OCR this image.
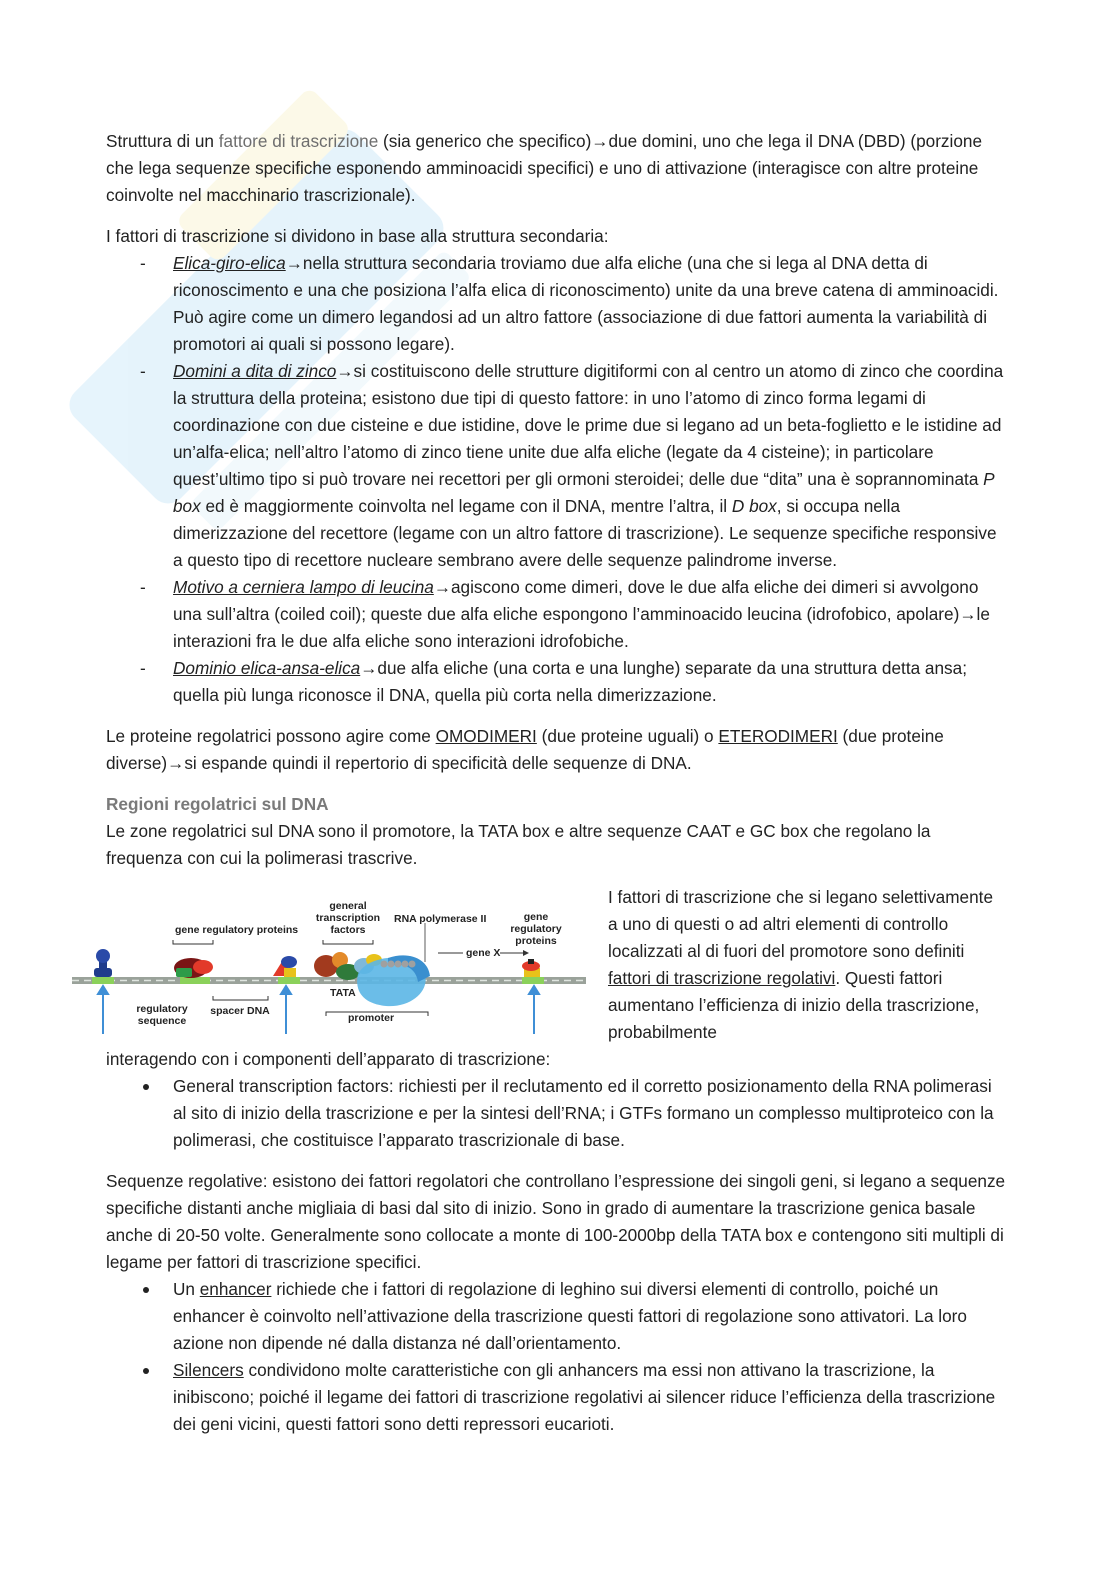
Struttura di un fattore di trascrizione (sia generico che specifico)→due domini, uno che lega il DNA (DBD) (porzione che lega sequenze specifiche esponendo amminoacidi specifici) e uno di attivazione (interagisce con altre proteine coinvolte nel macchinario trascrizionale).

I fattori di trascrizione si dividono in base alla struttura secondaria:

- Elica-giro-elica→nella struttura secondaria troviamo due alfa eliche (una che si lega al DNA detta di riconoscimento e una che posiziona l’alfa elica di riconoscimento) unite da una breve catena di amminoacidi. Può agire come un dimero legandosi ad un altro fattore (associazione di due fattori aumenta la variabilità di promotori ai quali si possono legare).
- Domini a dita di zinco→si costituiscono delle strutture digitiformi con al centro un atomo di zinco che coordina la struttura della proteina; esistono due tipi di questo fattore: in uno l’atomo di zinco forma legami di coordinazione con due cisteine e due istidine, dove le prime due si legano ad un beta-foglietto e le istidine ad un’alfa-elica; nell’altro l’atomo di zinco tiene unite due alfa eliche (legate da 4 cisteine); in particolare quest’ultimo tipo si può trovare nei recettori per gli ormoni steroidei; delle due “dita” una è soprannominata P box ed è maggiormente coinvolta nel legame con il DNA, mentre l’altra, il D box, si occupa nella dimerizzazione del recettore (legame con un altro fattore di trascrizione). Le sequenze specifiche responsive a questo tipo di recettore nucleare sembrano avere delle sequenze palindrome inverse.
- Motivo a cerniera lampo di leucina→agiscono come dimeri, dove le due alfa eliche dei dimeri si avvolgono una sull’altra (coiled coil); queste due alfa eliche espongono l’amminoacido leucina (idrofobico, apolare)→le interazioni fra le due alfa eliche sono interazioni idrofobiche.
- Dominio elica-ansa-elica→due alfa eliche (una corta e una lunghe) separate da una struttura detta ansa; quella più lunga riconosce il DNA, quella più corta nella dimerizzazione.

Le proteine regolatrici possono agire come OMODIMERI (due proteine uguali) o ETERODIMERI (due proteine diverse)→si espande quindi il repertorio di specificità delle sequenze di DNA.

Regioni regolatrici sul DNA

Le zone regolatrici sul DNA sono il promotore, la TATA box e altre sequenze CAAT e GC box che regolano la frequenza con cui la polimerasi trascrive.

gene regulatory proteins
general
transcription
factors
RNA polymerase II
gene X
gene
regulatory
proteins
regulatory
sequence
spacer DNA
TATA
promoter

I fattori di trascrizione che si legano selettivamente a uno di questi o ad altri elementi di controllo localizzati al di fuori del promotore sono definiti fattori di trascrizione regolativi. Questi fattori aumentano l’efficienza di inizio della trascrizione, probabilmente

interagendo con i componenti dell’apparato di trascrizione:

General transcription factors: richiesti per il reclutamento ed il corretto posizionamento della RNA polimerasi al sito di inizio della trascrizione e per la sintesi dell’RNA; i GTFs formano un complesso multiproteico con la polimerasi, che costituisce l’apparato trascrizionale di base.

Sequenze regolative: esistono dei fattori regolatori che controllano l’espressione dei singoli geni, si legano a sequenze specifiche distanti anche migliaia di basi dal sito di inizio. Sono in grado di aumentare la trascrizione genica basale anche di 20-50 volte. Generalmente sono collocate a monte di 100-2000bp della TATA box e contengono siti multipli di legame per fattori di trascrizione specifici.

Un enhancer richiede che i fattori di regolazione di leghino sui diversi elementi di controllo, poiché un enhancer è coinvolto nell’attivazione della trascrizione questi fattori di regolazione sono attivatori. La loro azione non dipende né dalla distanza né dall’orientamento.
Silencers condividono molte caratteristiche con gli anhancers ma essi non attivano la trascrizione, la inibiscono; poiché il legame dei fattori di trascrizione regolativi ai silencer riduce l’efficienza della trascrizione dei geni vicini, questi fattori sono detti repressori eucarioti.
